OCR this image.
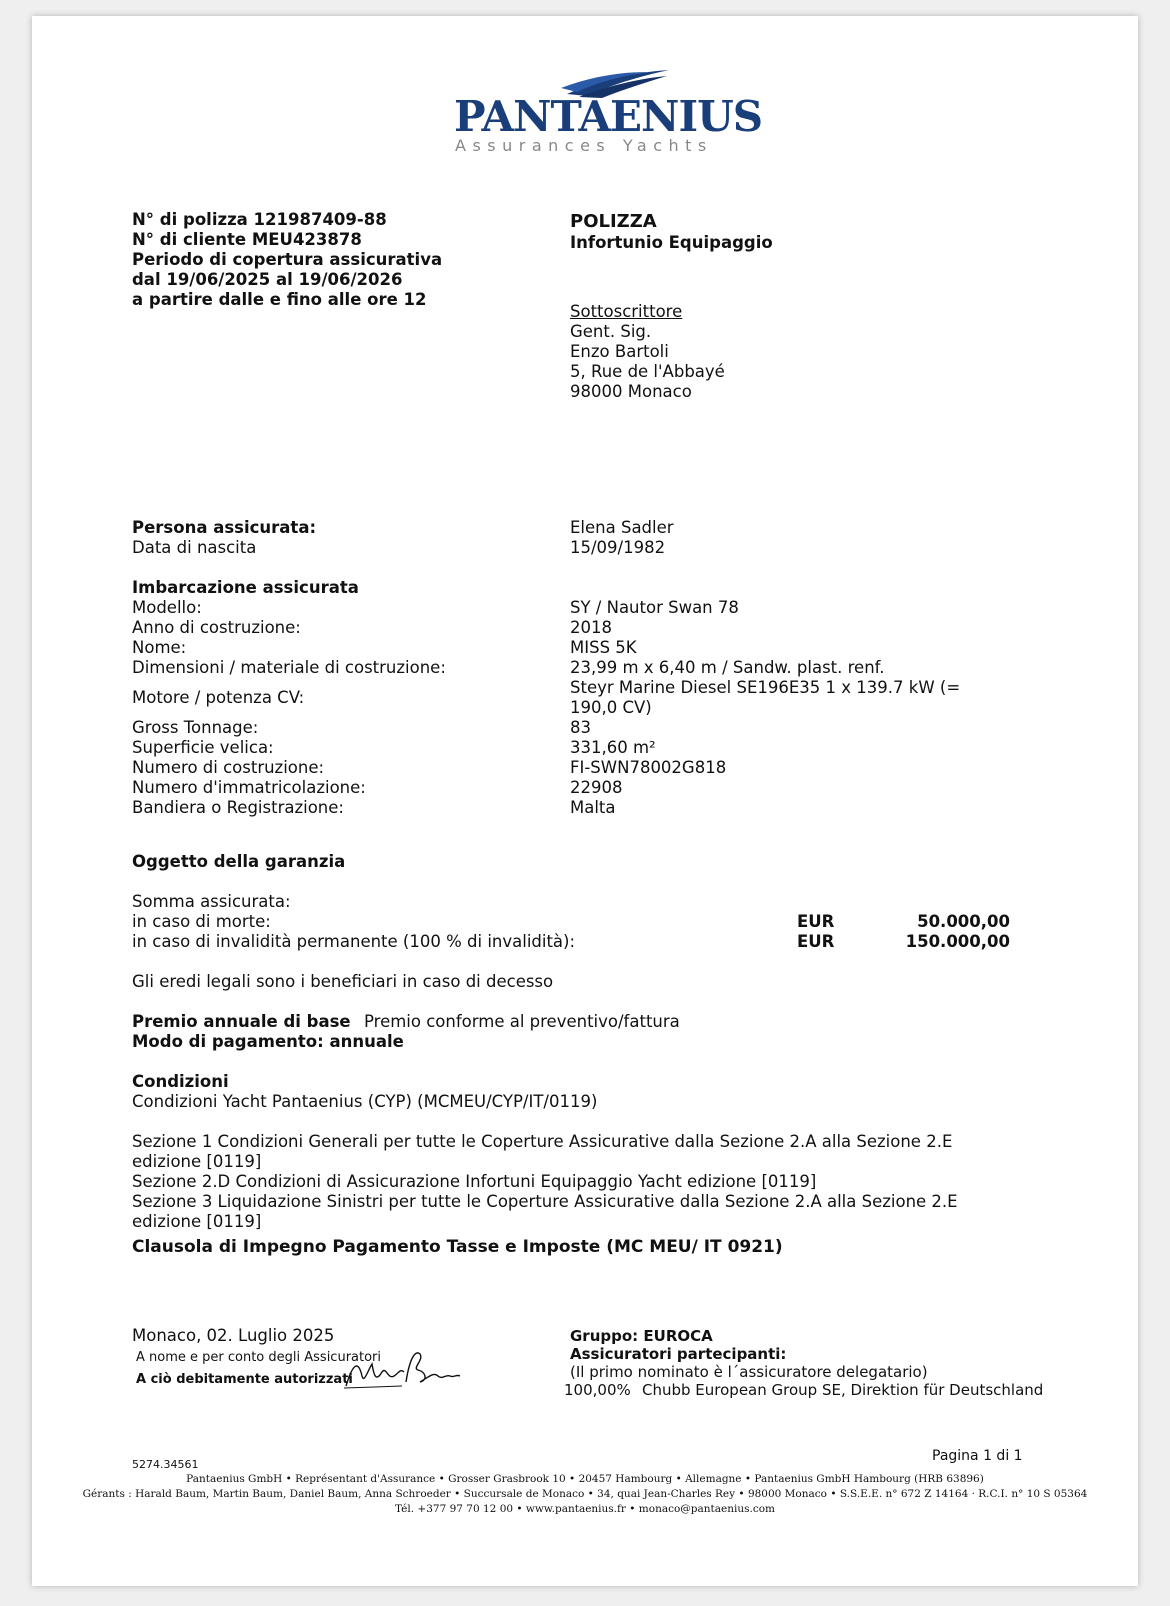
PANTAENIUS
Assurances Yachts
N° di polizza 121987409-88
N° di cliente MEU423878
Periodo di copertura assicurativa
dal 19/06/2025 al 19/06/2026
a partire dalle e fino alle ore 12
POLIZZA
Infortunio Equipaggio
Sottoscrittore
Gent. Sig.
Enzo Bartoli
5, Rue de l'Abbayé
98000 Monaco
Persona assicurata:	Elena Sadler
Data di nascita	15/09/1982
Imbarcazione assicurata
Modello:	SY / Nautor Swan 78
Anno di costruzione:	2018
Nome:	MISS 5K
Dimensioni / materiale di costruzione:	23,99 m x 6,40 m / Sandw. plast. renf.
Motore / potenza CV:
Steyr Marine Diesel SE196E35 1 x 139.7 kW (=
190,0 CV)
Gross Tonnage:	83
Superficie velica:	331,60 m²
Numero di costruzione:	FI-SWN78002G818
Numero d'immatricolazione:	22908
Bandiera o Registrazione:	Malta
Oggetto della garanzia
Somma assicurata:
in caso di morte:	EUR	50.000,00
in caso di invalidità permanente (100 % di invalidità):	EUR	150.000,00
Gli eredi legali sono i beneficiari in caso di decesso
Premio annuale di base Premio conforme al preventivo/fattura
Modo di pagamento: annuale
Condizioni
Condizioni Yacht Pantaenius (CYP) (MCMEU/CYP/IT/0119)
Sezione 1 Condizioni Generali per tutte le Coperture Assicurative dalla Sezione 2.A alla Sezione 2.E
edizione [0119]
Sezione 2.D Condizioni di Assicurazione Infortuni Equipaggio Yacht edizione [0119]
Sezione 3 Liquidazione Sinistri per tutte le Coperture Assicurative dalla Sezione 2.A alla Sezione 2.E
edizione [0119]
Clausola di Impegno Pagamento Tasse e Imposte (MC MEU/ IT 0921)
Monaco, 02. Luglio 2025
A nome e per conto degli Assicuratori
A ciò debitamente autorizzati
Gruppo: EUROCA
Assicuratori partecipanti:
(Il primo nominato è l´assicuratore delegatario)
100,00% Chubb European Group SE, Direktion für Deutschland
5274.34561
Pagina 1 di 1
Pantaenius GmbH • Représentant d'Assurance • Grosser Grasbrook 10 • 20457 Hambourg • Allemagne • Pantaenius GmbH Hambourg (HRB 63896)
Gérants : Harald Baum, Martin Baum, Daniel Baum, Anna Schroeder • Succursale de Monaco • 34, quai Jean-Charles Rey • 98000 Monaco • S.S.E.E. n° 672 Z 14164 · R.C.I. n° 10 S 05364
Tél. +377 97 70 12 00 • www.pantaenius.fr • monaco@pantaenius.com
